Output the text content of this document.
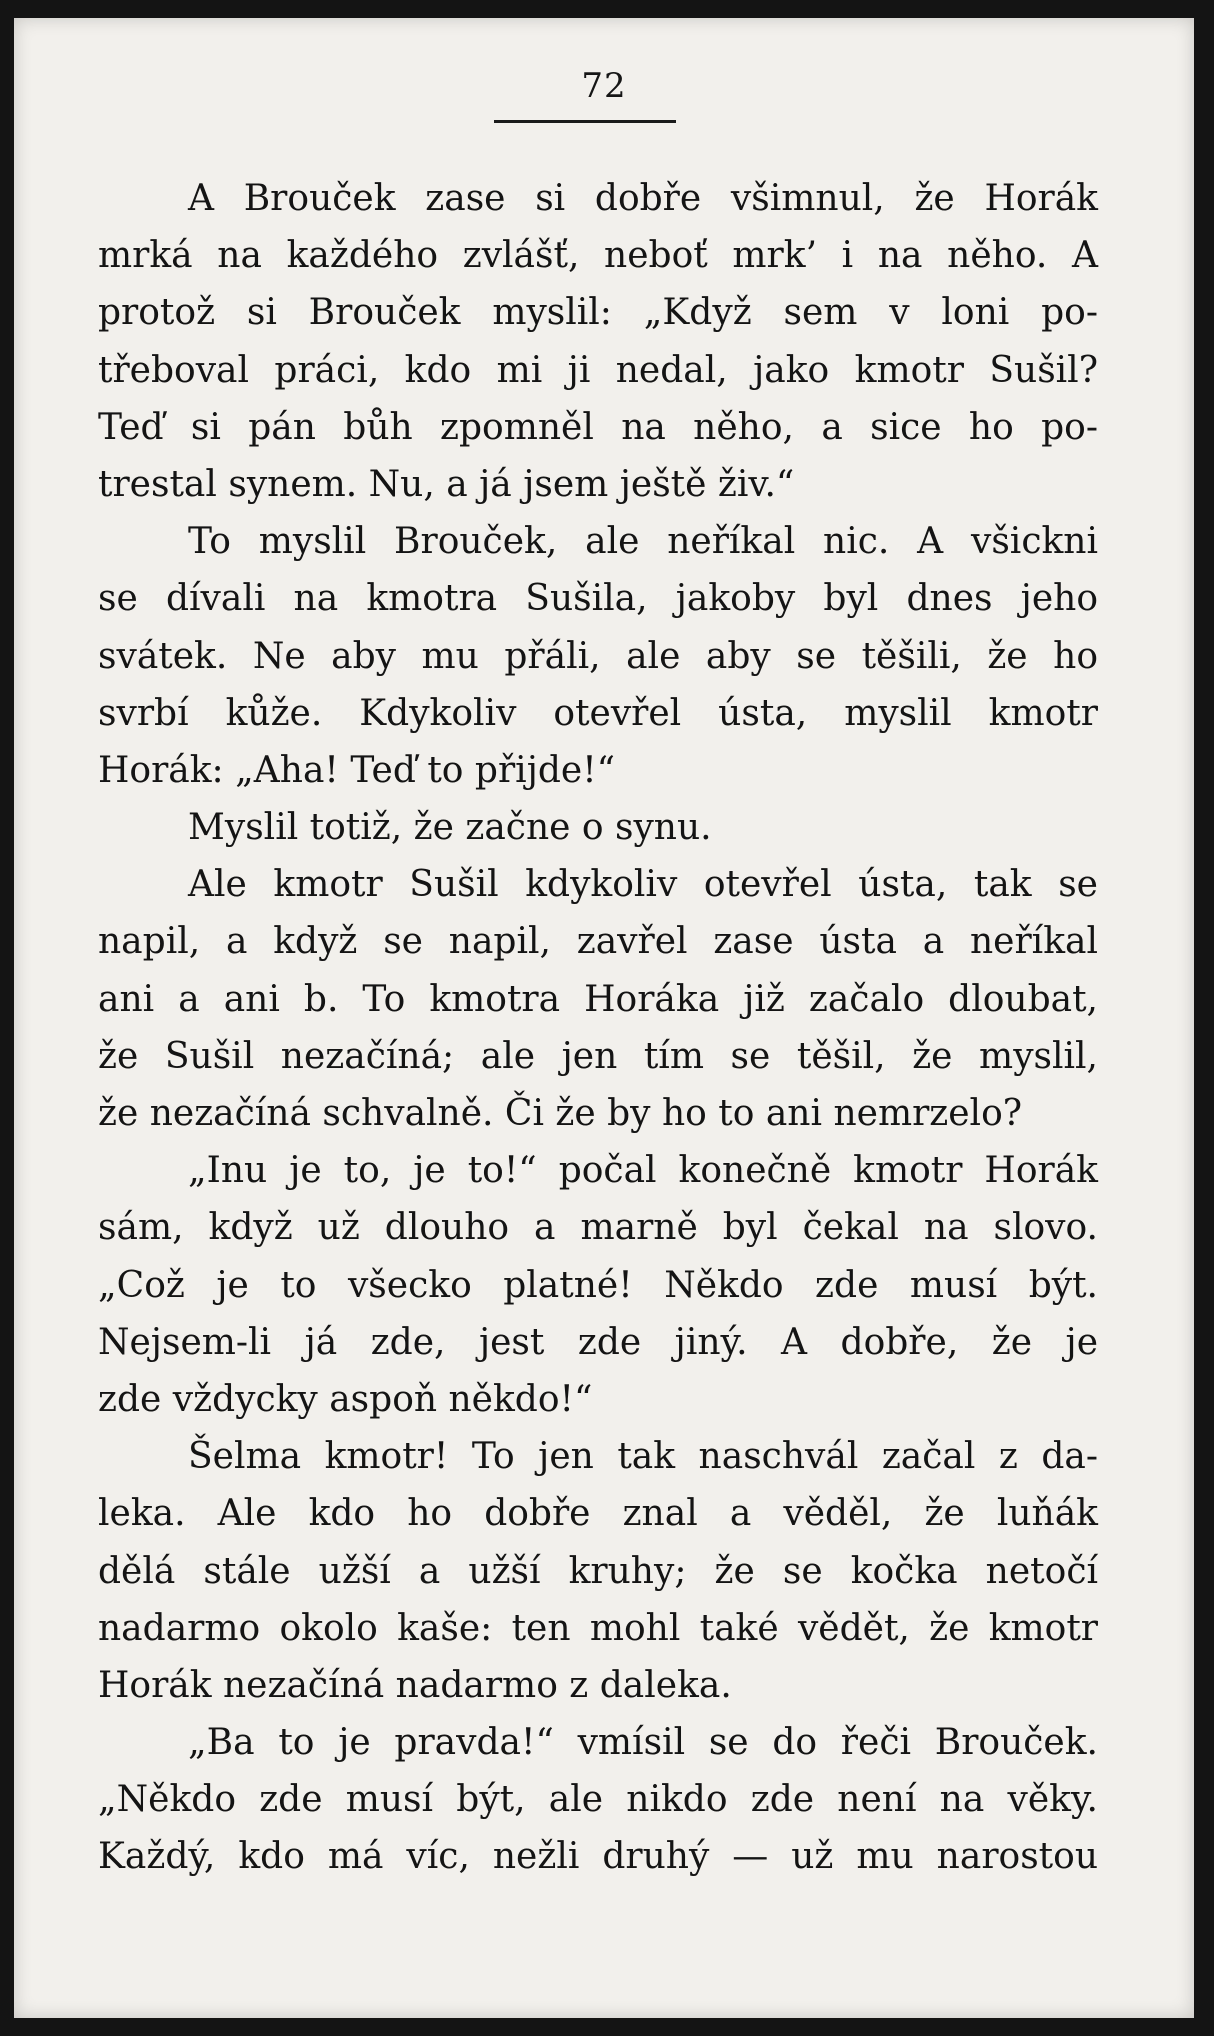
72
A Brouček zase si dobře všimnul, že Horák
mrká na každého zvlášť, neboť mrk’ i na něho. A
protož si Brouček myslil: „Když sem v loni po-
třeboval práci, kdo mi ji nedal, jako kmotr Sušil?
Teď si pán bůh zpomněl na něho, a sice ho po-
trestal synem. Nu, a já jsem ještě živ.“
To myslil Brouček, ale neříkal nic. A všickni
se dívali na kmotra Sušila, jakoby byl dnes jeho
svátek. Ne aby mu přáli, ale aby se těšili, že ho
svrbí kůže. Kdykoliv otevřel ústa, myslil kmotr
Horák: „Aha! Teď to přijde!“
Myslil totiž, že začne o synu.
Ale kmotr Sušil kdykoliv otevřel ústa, tak se
napil, a když se napil, zavřel zase ústa a neříkal
ani a ani b. To kmotra Horáka již začalo dloubat,
že Sušil nezačíná; ale jen tím se těšil, že myslil,
že nezačíná schvalně. Či že by ho to ani nemrzelo?
„Inu je to, je to!“ počal konečně kmotr Horák
sám, když už dlouho a marně byl čekal na slovo.
„Což je to všecko platné! Někdo zde musí být.
Nejsem-li já zde, jest zde jiný. A dobře, že je
zde vždycky aspoň někdo!“
Šelma kmotr! To jen tak naschvál začal z da-
leka. Ale kdo ho dobře znal a věděl, že luňák
dělá stále užší a užší kruhy; že se kočka netočí
nadarmo okolo kaše: ten mohl také vědět, že kmotr
Horák nezačíná nadarmo z daleka.
„Ba to je pravda!“ vmísil se do řeči Brouček.
„Někdo zde musí být, ale nikdo zde není na věky.
Každý, kdo má víc, nežli druhý — už mu narostou
